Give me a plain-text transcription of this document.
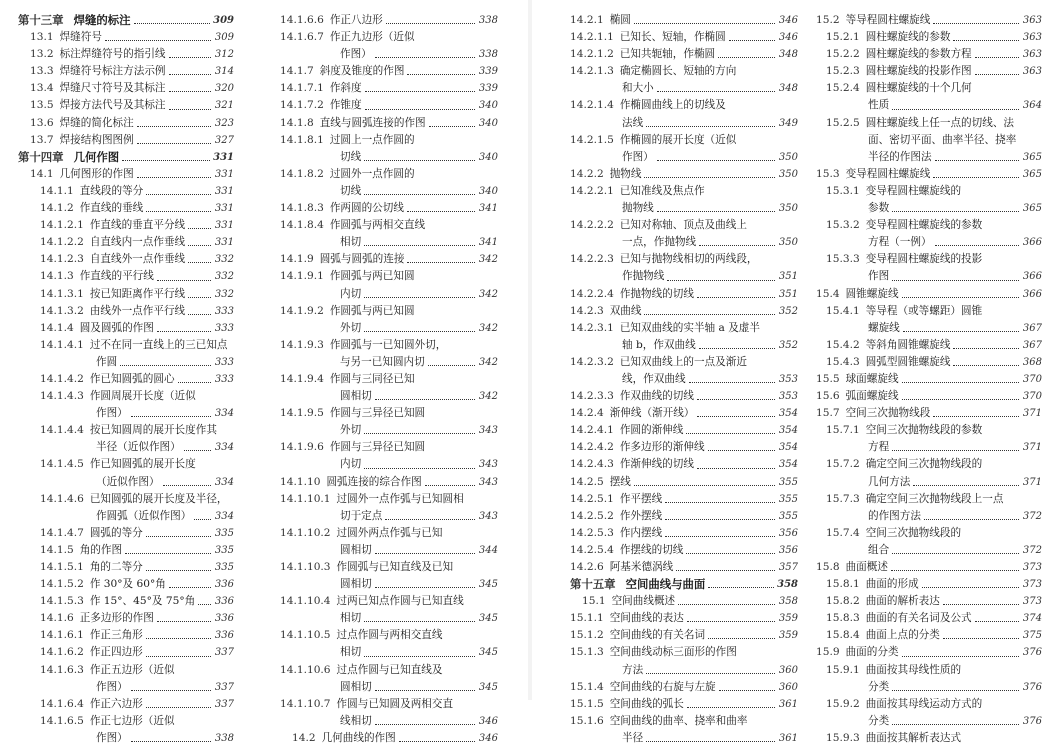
第十三章 焊缝的标注	309
13.1 焊缝符号	309
13.2 标注焊缝符号的指引线	312
13.3 焊缝符号标注方法示例	314
13.4 焊缝尺寸符号及其标注	320
13.5 焊接方法代号及其标注	321
13.6 焊缝的简化标注	323
13.7 焊接结构图图例	327
第十四章 几何作图	331
14.1 几何图形的作图	331
14.1.1 直线段的等分	331
14.1.2 作直线的垂线	331
14.1.2.1 作直线的垂直平分线	331
14.1.2.2 自直线内一点作垂线	331
14.1.2.3 自直线外一点作垂线	332
14.1.3 作直线的平行线	332
14.1.3.1 按已知距离作平行线	332
14.1.3.2 由线外一点作平行线	333
14.1.4 圆及圆弧的作图	333
14.1.4.1 过不在同一直线上的三已知点
作圆	333
14.1.4.2 作已知圆弧的圆心	333
14.1.4.3 作圆周展开长度（近似
作图）	334
14.1.4.4 按已知圆周的展开长度作其
半径（近似作图）	334
14.1.4.5 作已知圆弧的展开长度
（近似作图）	334
14.1.4.6 已知圆弧的展开长度及半径，
作圆弧（近似作图） 334
14.1.4.7 圆弧的等分	335
14.1.5 角的作图	335
14.1.5.1 角的二等分	335
14.1.5.2 作 30°及 60°角	336
14.1.5.3 作 15°、45°及 75°角 336
14.1.6 正多边形的作图	336
14.1.6.1 作正三角形	336
14.1.6.2 作正四边形	337
14.1.6.3 作正五边形（近似
作图）	337
14.1.6.4 作正六边形	337
14.1.6.5 作正七边形（近似
作图）	338
14.1.6.6 作正八边形	338
14.1.6.7 作正九边形（近似
作图）	338
14.1.7 斜度及锥度的作图	339
14.1.7.1 作斜度	339
14.1.7.2 作锥度	340
14.1.8 直线与圆弧连接的作图	340
14.1.8.1 过圆上一点作圆的
切线	340
14.1.8.2 过圆外一点作圆的
切线	340
14.1.8.3 作两圆的公切线	341
14.1.8.4 作圆弧与两相交直线
相切	341
14.1.9 圆弧与圆弧的连接	342
14.1.9.1 作圆弧与两已知圆
内切	342
14.1.9.2 作圆弧与两已知圆
外切	342
14.1.9.3 作圆弧与一已知圆外切，
与另一已知圆内切	342
14.1.9.4 作圆与三同径已知
圆相切	342
14.1.9.5 作圆与三异径已知圆
外切	343
14.1.9.6 作圆与三异径已知圆
内切	343
14.1.10 圆弧连接的综合作图	343
14.1.10.1 过圆外一点作弧与已知圆相
切于定点	343
14.1.10.2 过圆外两点作弧与已知
圆相切	344
14.1.10.3 作圆弧与已知直线及已知
圆相切	345
14.1.10.4 过两已知点作圆与已知直线
相切	345
14.1.10.5 过点作圆与两相交直线
相切	345
14.1.10.6 过点作圆与已知直线及
圆相切	345
14.1.10.7 作圆与已知圆及两相交直
线相切	346
14.2 几何曲线的作图	346
14.2.1 椭圆	346
14.2.1.1 已知长、短轴，作椭圆	346
14.2.1.2 已知共轭轴，作椭圆	348
14.2.1.3 确定椭圆长、短轴的方向
和大小	348
14.2.1.4 作椭圆曲线上的切线及
法线	349
14.2.1.5 作椭圆的展开长度（近似
作图）	350
14.2.2 抛物线	350
14.2.2.1 已知准线及焦点作
抛物线	350
14.2.2.2 已知对称轴、顶点及曲线上
一点，作抛物线	350
14.2.2.3 已知与抛物线相切的两线段，
作抛物线	351
14.2.2.4 作抛物线的切线	351
14.2.3 双曲线	352
14.2.3.1 已知双曲线的实半轴 a 及虚半
轴 b，作双曲线	352
14.2.3.2 已知双曲线上的一点及渐近
线，作双曲线	353
14.2.3.3 作双曲线的切线	353
14.2.4 渐伸线（渐开线）	354
14.2.4.1 作圆的渐伸线	354
14.2.4.2 作多边形的渐伸线	354
14.2.4.3 作渐伸线的切线	354
14.2.5 摆线	355
14.2.5.1 作平摆线	355
14.2.5.2 作外摆线	355
14.2.5.3 作内摆线	356
14.2.5.4 作摆线的切线	356
14.2.6 阿基米德涡线	357
第十五章 空间曲线与曲面	358
15.1 空间曲线概述	358
15.1.1 空间曲线的表达	359
15.1.2 空间曲线的有关名词	359
15.1.3 空间曲线动标三面形的作图
方法	360
15.1.4 空间曲线的右旋与左旋	360
15.1.5 空间曲线的弧长	361
15.1.6 空间曲线的曲率、挠率和曲率
半径	361
15.2 等导程圆柱螺旋线	363
15.2.1 圆柱螺旋线的参数	363
15.2.2 圆柱螺旋线的参数方程	363
15.2.3 圆柱螺旋线的投影作图	363
15.2.4 圆柱螺旋线的十个几何
性质	364
15.2.5 圆柱螺旋线上任一点的切线、法
面、密切平面、曲率半径、挠率
半径的作图法	365
15.3 变导程圆柱螺旋线	365
15.3.1 变导程圆柱螺旋线的
参数	365
15.3.2 变导程圆柱螺旋线的参数
方程（一例）	366
15.3.3 变导程圆柱螺旋线的投影
作图	366
15.4 圆锥螺旋线	366
15.4.1 等导程（或等螺距）圆锥
螺旋线	367
15.4.2 等斜角圆锥螺旋线	367
15.4.3 圆弧型圆锥螺旋线	368
15.5 球面螺旋线	370
15.6 弧面螺旋线	370
15.7 空间三次抛物线段	371
15.7.1 空间三次抛物线段的参数
方程	371
15.7.2 确定空间三次抛物线段的
几何方法	371
15.7.3 确定空间三次抛物线段上一点
的作图方法	372
15.7.4 空间三次抛物线段的
组合	372
15.8 曲面概述	373
15.8.1 曲面的形成	373
15.8.2 曲面的解析表达	373
15.8.3 曲面的有关名词及公式	374
15.8.4 曲面上点的分类	375
15.9 曲面的分类	376
15.9.1 曲面按其母线性质的
分类	376
15.9.2 曲面按其母线运动方式的
分类	376
15.9.3 曲面按其解析表达式
